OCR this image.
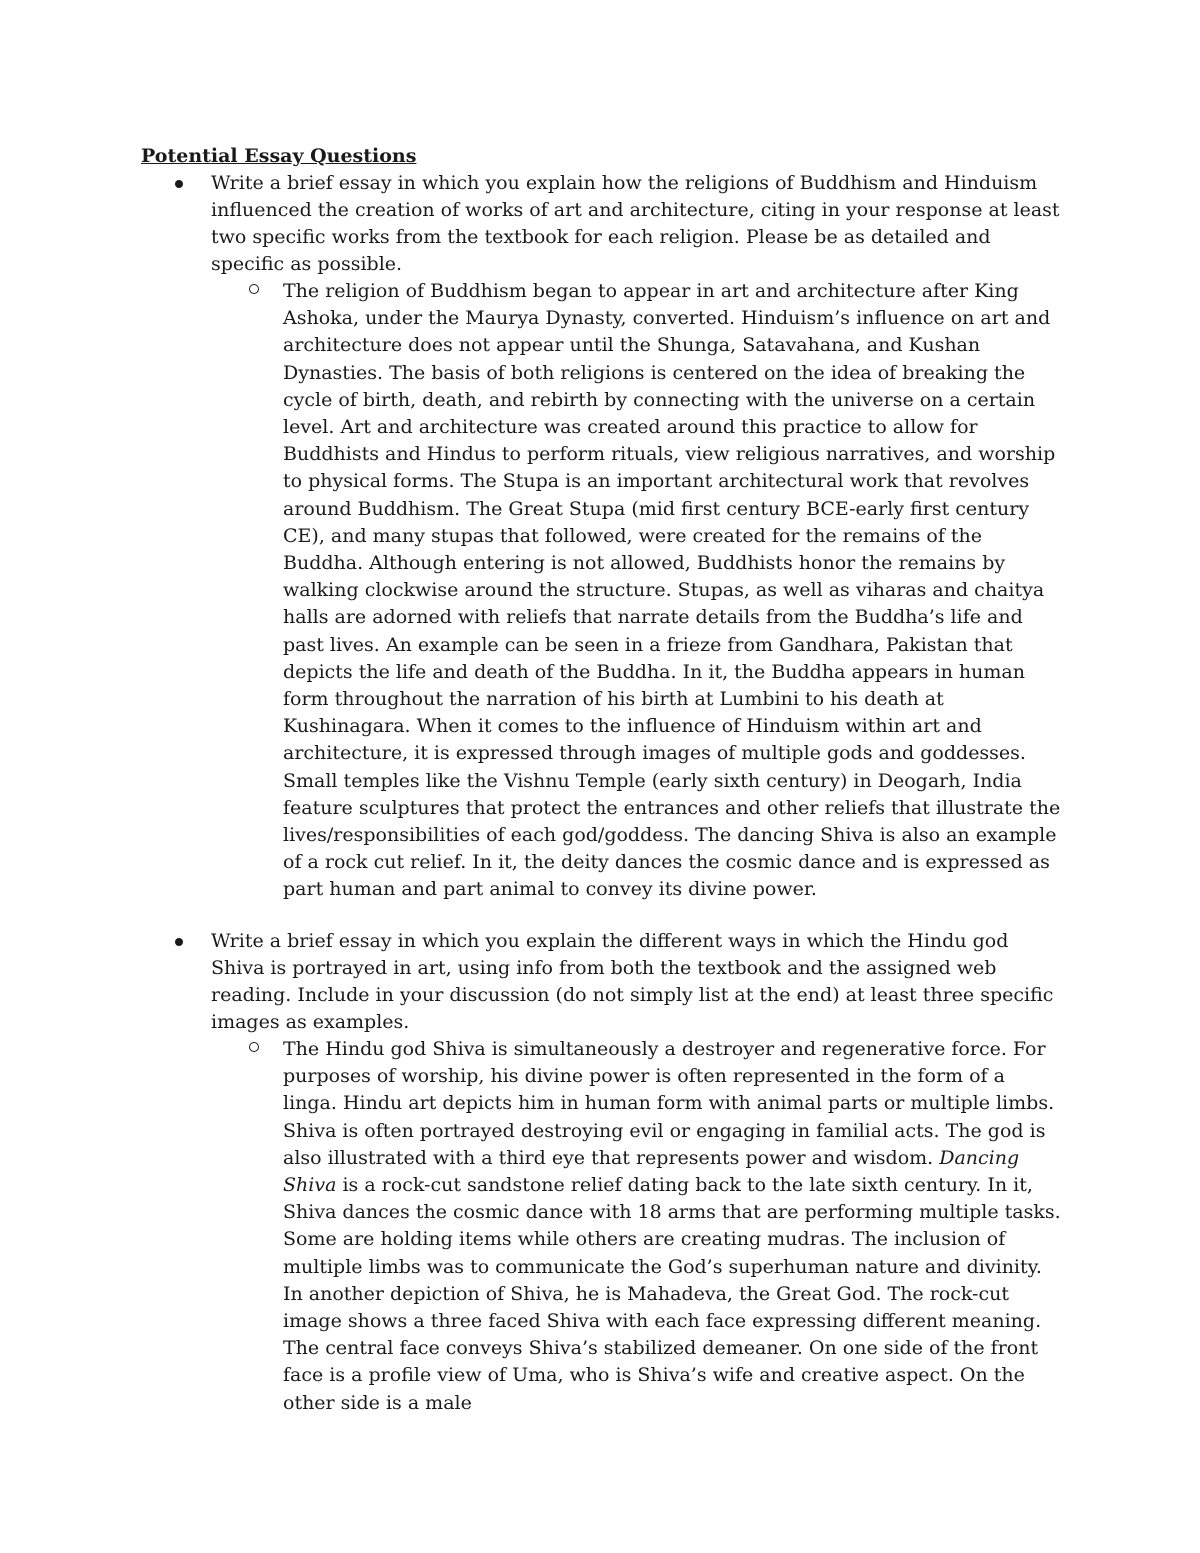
Potential Essay Questions

Write a brief essay in which you explain how the religions of Buddhism and Hinduism influenced the creation of works of art and architecture, citing in your response at least two specific works from the textbook for each religion. Please be as detailed and specific as possible.

The religion of Buddhism began to appear in art and architecture after King Ashoka, under the Maurya Dynasty, converted. Hinduism’s influence on art and architecture does not appear until the Shunga, Satavahana, and Kushan Dynasties. The basis of both religions is centered on the idea of breaking the cycle of birth, death, and rebirth by connecting with the universe on a certain level. Art and architecture was created around this practice to allow for Buddhists and Hindus to perform rituals, view religious narratives, and worship to physical forms. The Stupa is an important architectural work that revolves around Buddhism. The Great Stupa (mid first century BCE-early first century CE), and many stupas that followed, were created for the remains of the Buddha. Although entering is not allowed, Buddhists honor the remains by walking clockwise around the structure. Stupas, as well as viharas and chaitya halls are adorned with reliefs that narrate details from the Buddha’s life and past lives. An example can be seen in a frieze from Gandhara, Pakistan that depicts the life and death of the Buddha. In it, the Buddha appears in human form throughout the narration of his birth at Lumbini to his death at Kushinagara. When it comes to the influence of Hinduism within art and architecture, it is expressed through images of multiple gods and goddesses. Small temples like the Vishnu Temple (early sixth century) in Deogarh, India feature sculptures that protect the entrances and other reliefs that illustrate the lives/responsibilities of each god/goddess. The dancing Shiva is also an example of a rock cut relief. In it, the deity dances the cosmic dance and is expressed as part human and part animal to convey its divine power.

Write a brief essay in which you explain the different ways in which the Hindu god Shiva is portrayed in art, using info from both the textbook and the assigned web reading. Include in your discussion (do not simply list at the end) at least three specific images as examples.

The Hindu god Shiva is simultaneously a destroyer and regenerative force. For purposes of worship, his divine power is often represented in the form of a linga. Hindu art depicts him in human form with animal parts or multiple limbs. Shiva is often portrayed destroying evil or engaging in familial acts. The god is also illustrated with a third eye that represents power and wisdom. Dancing Shiva is a rock-cut sandstone relief dating back to the late sixth century. In it, Shiva dances the cosmic dance with 18 arms that are performing multiple tasks. Some are holding items while others are creating mudras. The inclusion of multiple limbs was to communicate the God’s superhuman nature and divinity. In another depiction of Shiva, he is Mahadeva, the Great God. The rock-cut image shows a three faced Shiva with each face expressing different meaning. The central face conveys Shiva’s stabilized demeaner. On one side of the front face is a profile view of Uma, who is Shiva’s wife and creative aspect. On the other side is a male
